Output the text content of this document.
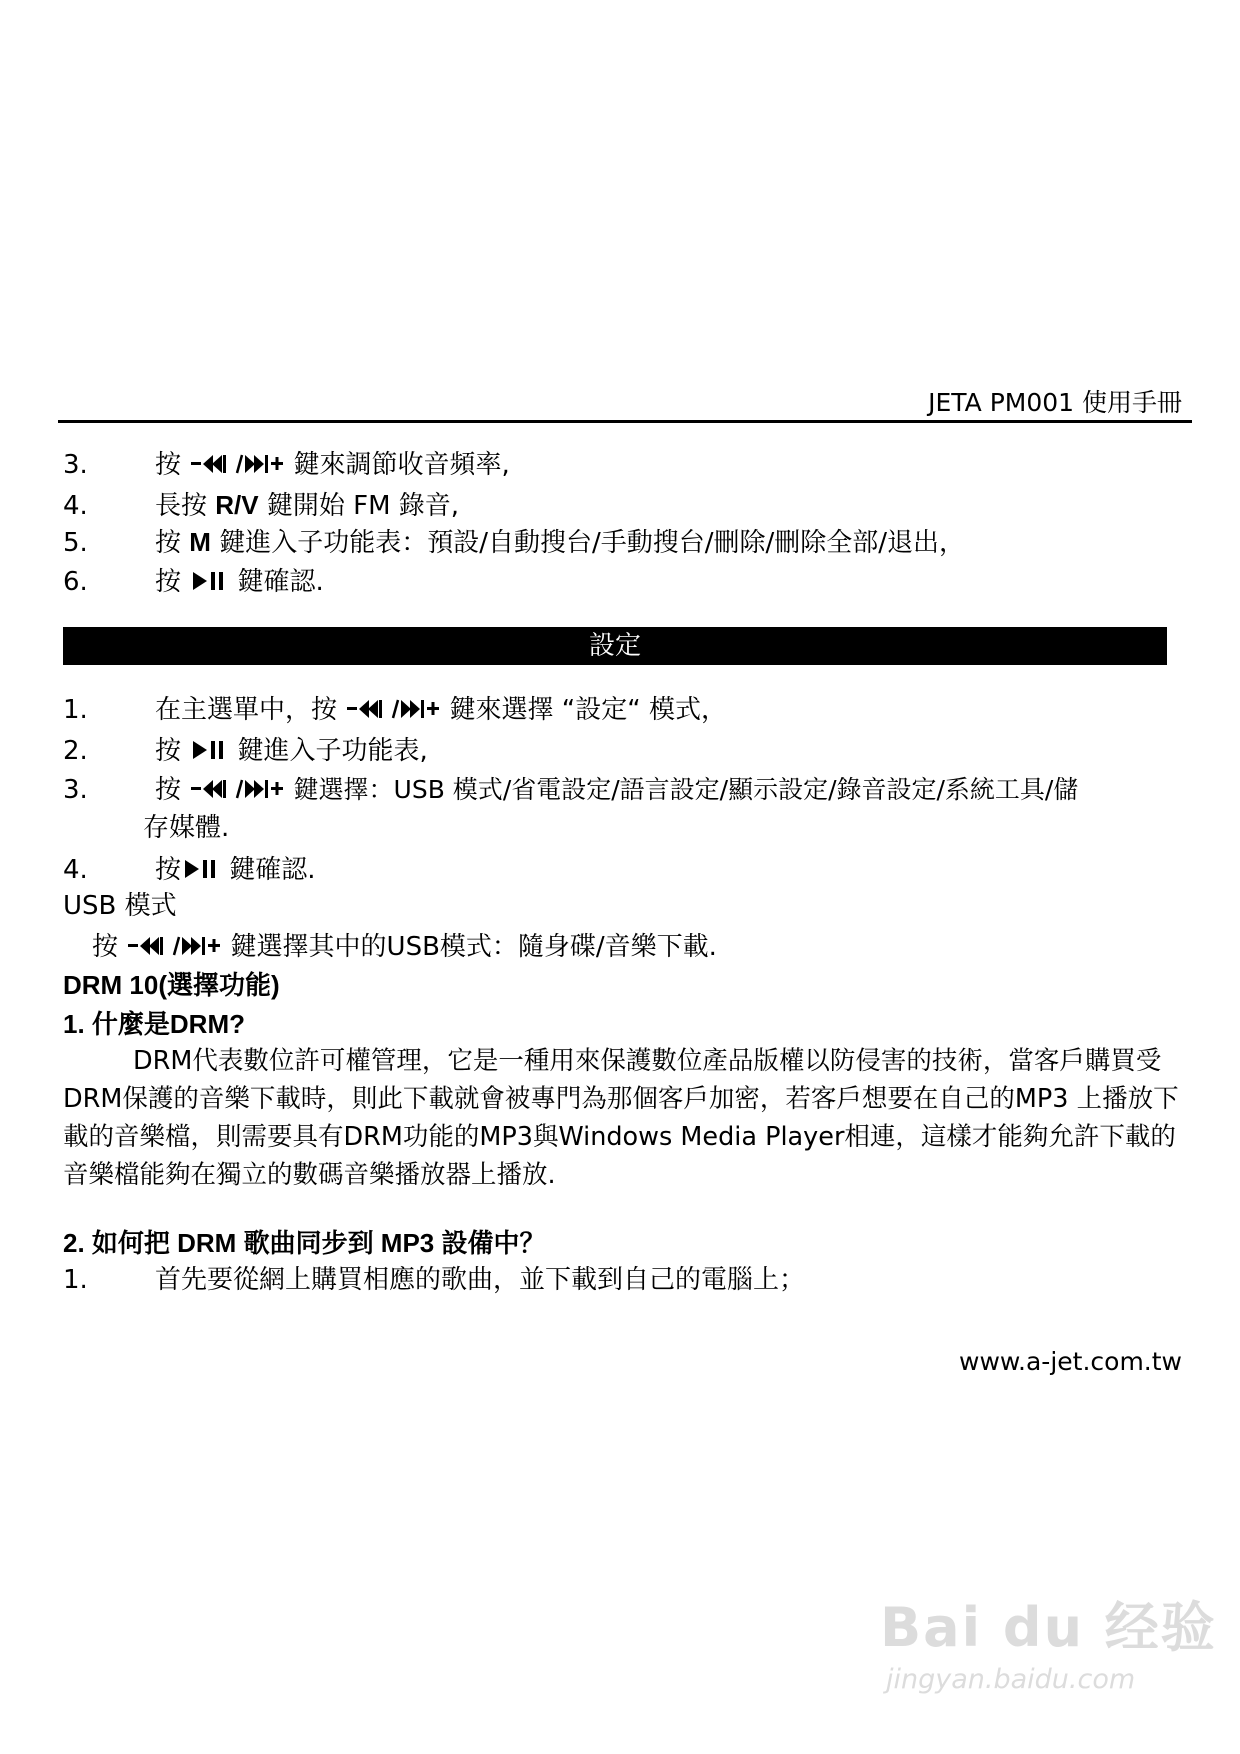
JETA PM001 使用手冊
3.	按	鍵來調節收音頻率,
4.	長按 R/V 鍵開始 FM 錄音,
5.	按 M 鍵進入子功能表：預設/自動搜台/手動搜台/刪除/刪除全部/退出，
6.	按 鍵確認.
設定
1.	在主選單中，按	鍵來選擇 “設定“ 模式，
2.	按 鍵進入子功能表,
3.	按	鍵選擇：USB 模式/省電設定/語言設定/顯示設定/錄音設定/系統工具/儲
存媒體.
4.	按 鍵確認.
USB 模式
按	鍵選擇其中的USB模式：隨身碟/音樂下載.
DRM 10(選擇功能)
1. 什麼是DRM?
DRM代表數位許可權管理，它是一種用來保護數位產品版權以防侵害的技術，當客戶購買受DRM保護的音樂下載時，則此下載就會被專門為那個客戶加密，若客戶想要在自己的MP3 上播放下載的音樂檔，則需要具有DRM功能的MP3與Windows Media Player相連，這樣才能夠允許下載的音樂檔能夠在獨立的數碼音樂播放器上播放.
2. 如何把 DRM 歌曲同步到 MP3 設備中？
1.	首先要從網上購買相應的歌曲，並下載到自己的電腦上；
www.a-jet.com.tw
Bai du 经验
jingyan.baidu.com
